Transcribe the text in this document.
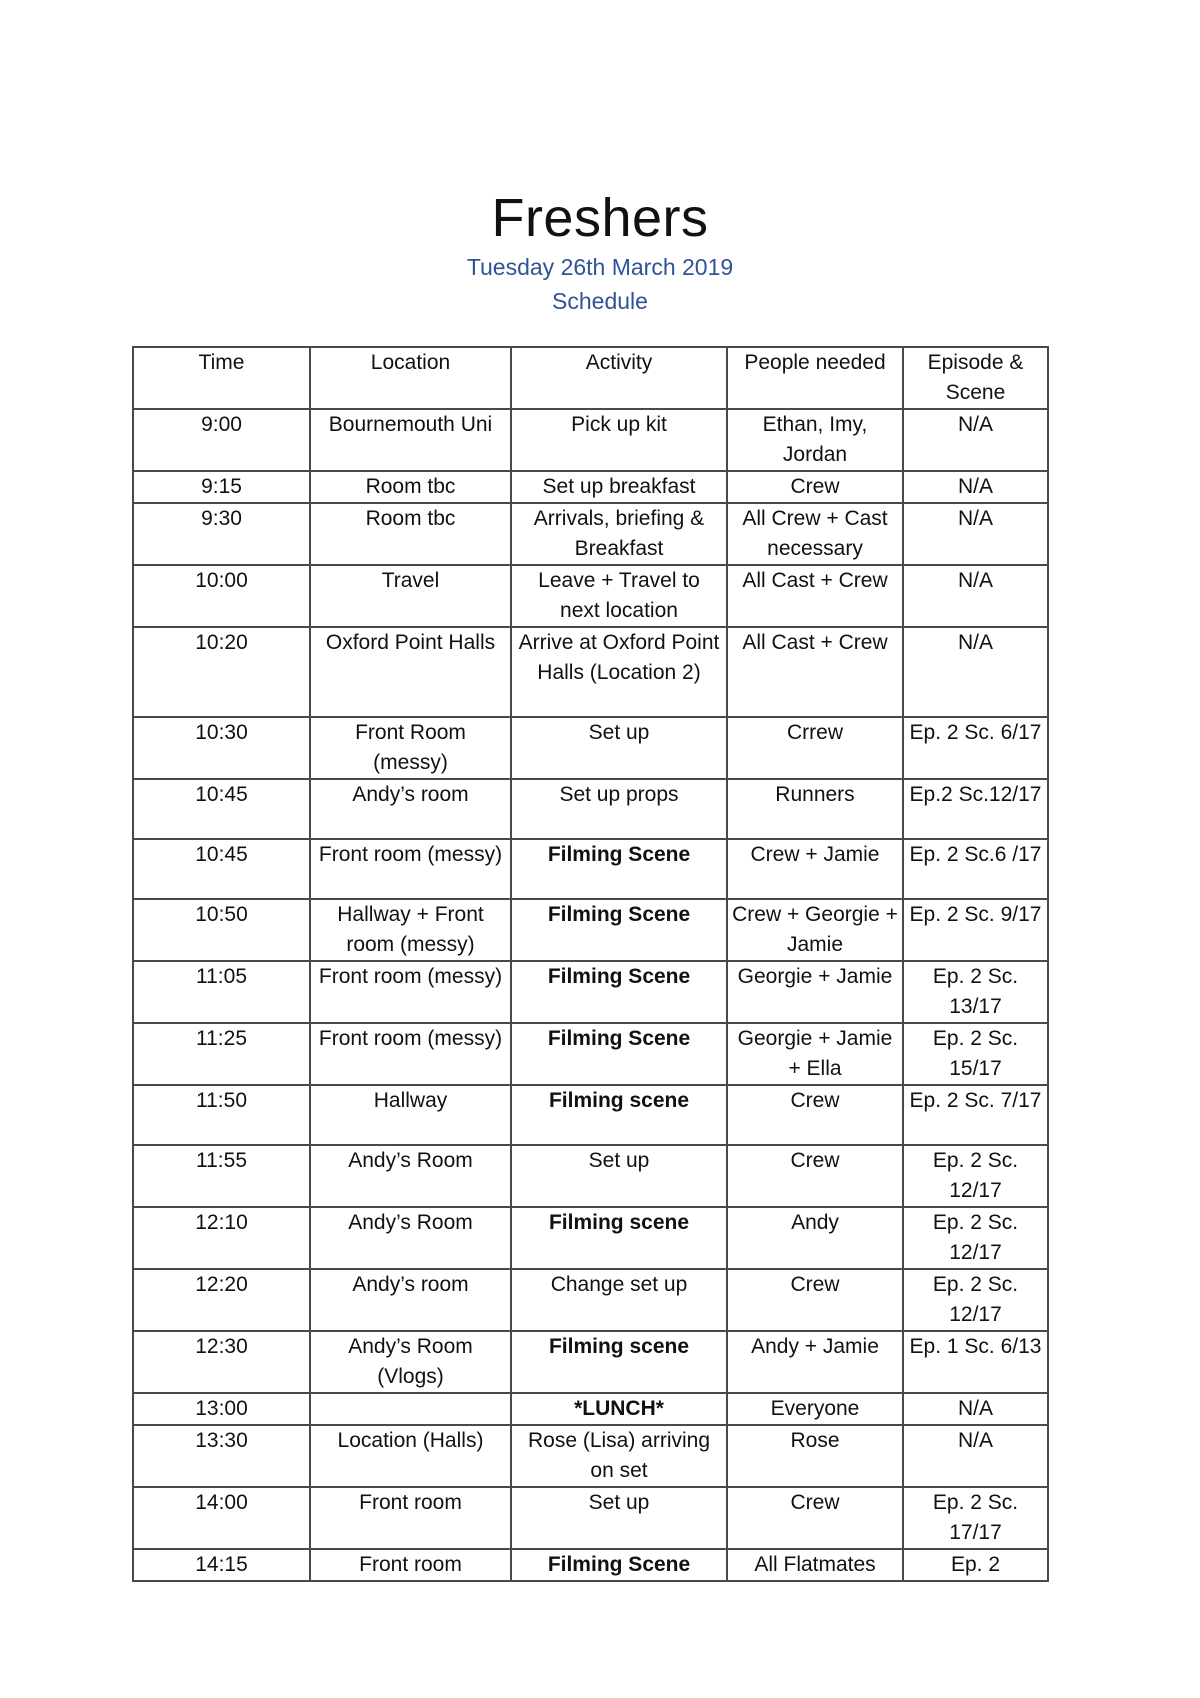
Freshers
Tuesday 26th March 2019
Schedule
Time	Location	Activity	People needed	Episode & Scene
9:00	Bournemouth Uni	Pick up kit	Ethan, Imy, Jordan	N/A
9:15	Room tbc	Set up breakfast	Crew	N/A
9:30	Room tbc	Arrivals, briefing & Breakfast	All Crew + Cast necessary	N/A
10:00	Travel	Leave + Travel to next location	All Cast + Crew	N/A
10:20	Oxford Point Halls	Arrive at Oxford Point Halls (Location 2)	All Cast + Crew	N/A
10:30	Front Room (messy)	Set up	Crrew	Ep. 2 Sc. 6/17
10:45	Andy’s room	Set up props	Runners	Ep.2 Sc.12/17
10:45	Front room (messy)	Filming Scene	Crew + Jamie	Ep. 2 Sc.6 /17
10:50	Hallway + Front room (messy)	Filming Scene	Crew + Georgie + Jamie	Ep. 2 Sc. 9/17
11:05	Front room (messy)	Filming Scene	Georgie + Jamie	Ep. 2 Sc. 13/17
11:25	Front room (messy)	Filming Scene	Georgie + Jamie + Ella	Ep. 2 Sc. 15/17
11:50	Hallway	Filming scene	Crew	Ep. 2 Sc. 7/17
11:55	Andy’s Room	Set up	Crew	Ep. 2 Sc. 12/17
12:10	Andy’s Room	Filming scene	Andy	Ep. 2 Sc. 12/17
12:20	Andy’s room	Change set up	Crew	Ep. 2 Sc. 12/17
12:30	Andy’s Room (Vlogs)	Filming scene	Andy + Jamie	Ep. 1 Sc. 6/13
13:00		*LUNCH*	Everyone	N/A
13:30	Location (Halls)	Rose (Lisa) arriving on set	Rose	N/A
14:00	Front room	Set up	Crew	Ep. 2 Sc. 17/17
14:15	Front room	Filming Scene	All Flatmates	Ep. 2
